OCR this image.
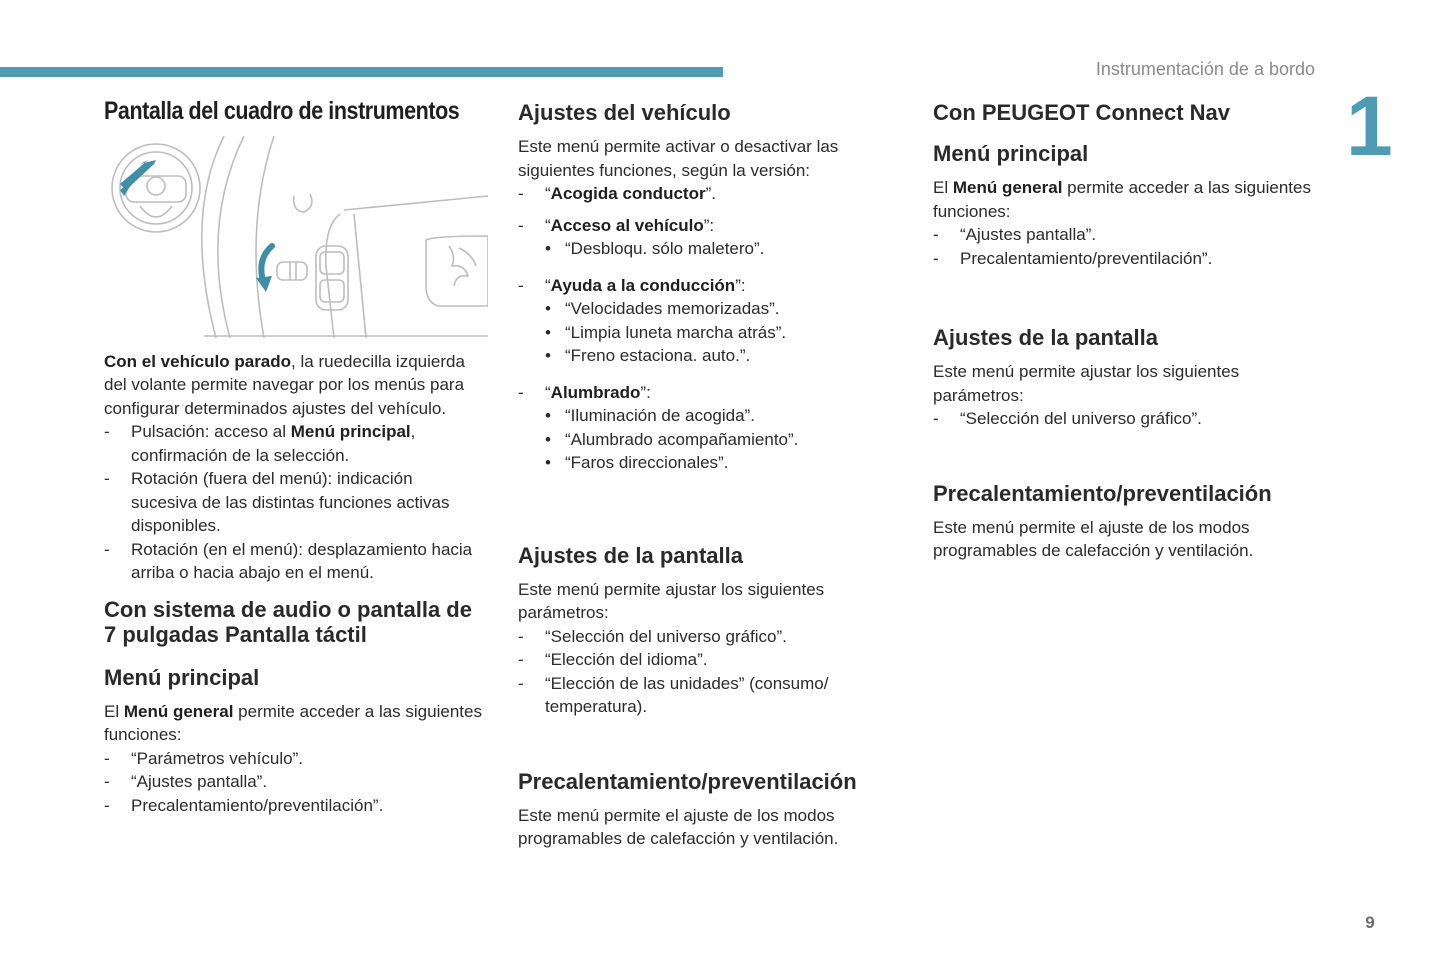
Instrumentación de a bordo
1
9
Pantalla del cuadro de instrumentos

Con el vehículo parado, la ruedecilla izquierda del volante permite navegar por los menús para configurar determinados ajustes del vehículo.

- Pulsación: acceso al Menú principal, confirmación de la selección.
- Rotación (fuera del menú): indicación sucesiva de las distintas funciones activas disponibles.
- Rotación (en el menú): desplazamiento hacia arriba o hacia abajo en el menú.
Con sistema de audio o pantalla de 7 pulgadas Pantalla táctil
Menú principal

El Menú general permite acceder a las siguientes funciones:

- “Parámetros vehículo”.
- “Ajustes pantalla”.
- Precalentamiento/preventilación”.
Ajustes del vehículo

Este menú permite activar o desactivar las siguientes funciones, según la versión:

- “Acogida conductor”.
- “Acceso al vehículo”:
• “Desbloqu. sólo maletero”.
- “Ayuda a la conducción”:
• “Velocidades memorizadas”.
• “Limpia luneta marcha atrás”.
• “Freno estaciona. auto.”.
- “Alumbrado”:
• “Iluminación de acogida”.
• “Alumbrado acompañamiento”.
• “Faros direccionales”.
Ajustes de la pantalla

Este menú permite ajustar los siguientes parámetros:

- “Selección del universo gráfico”.
- “Elección del idioma”.
- “Elección de las unidades” (consumo/ temperatura).
Precalentamiento/preventilación

Este menú permite el ajuste de los modos programables de calefacción y ventilación.

Con PEUGEOT Connect Nav
Menú principal

El Menú general permite acceder a las siguientes funciones:

- “Ajustes pantalla”.
- Precalentamiento/preventilación”.
Ajustes de la pantalla

Este menú permite ajustar los siguientes parámetros:

- “Selección del universo gráfico”.
Precalentamiento/preventilación

Este menú permite el ajuste de los modos programables de calefacción y ventilación.
